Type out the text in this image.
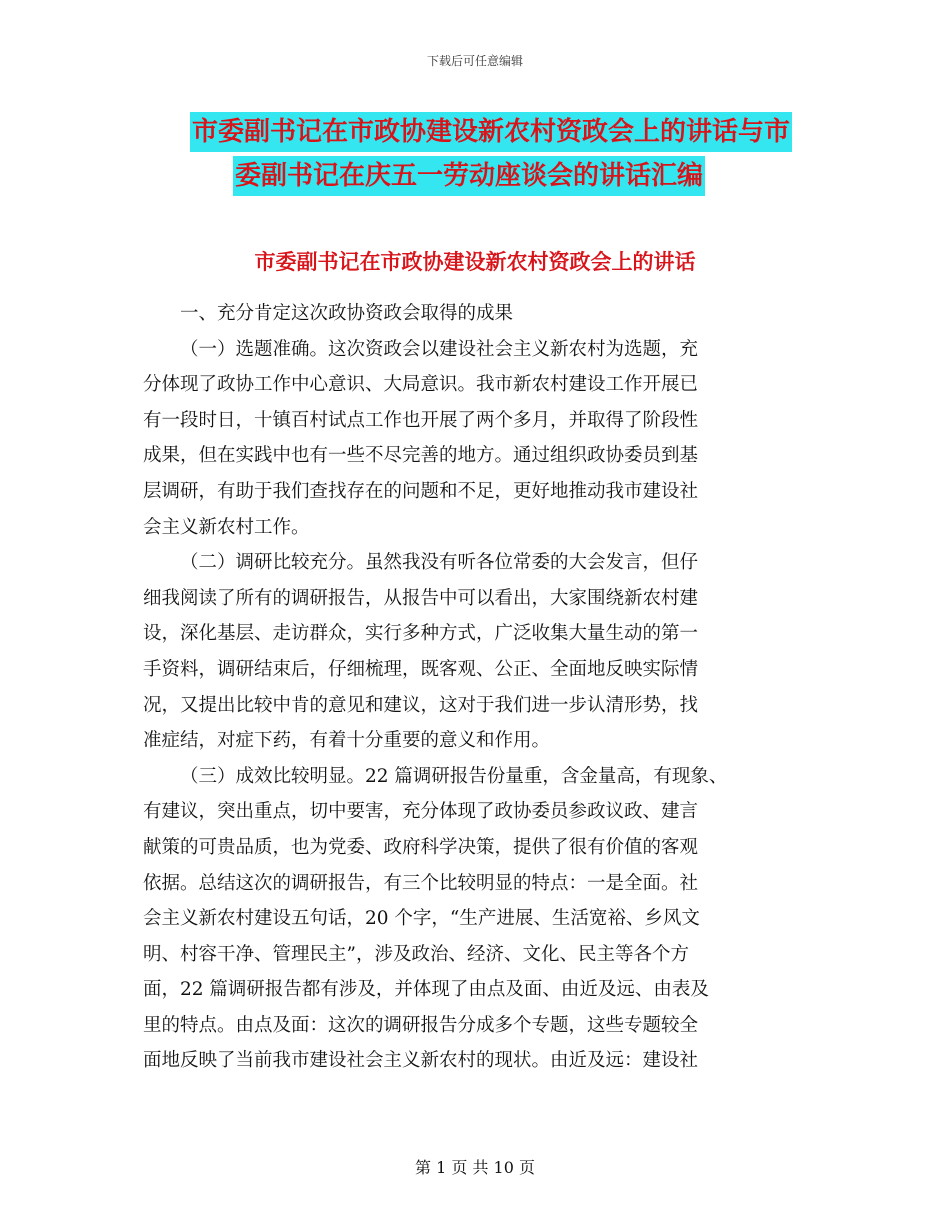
下载后可任意编辑
市委副书记在市政协建设新农村资政会上的讲话与市
委副书记在庆五一劳动座谈会的讲话汇编
市委副书记在市政协建设新农村资政会上的讲话
一、充分肯定这次政协资政会取得的成果
（一）选题准确。这次资政会以建设社会主义新农村为选题，充
分体现了政协工作中心意识、大局意识。我市新农村建设工作开展已
有一段时日，十镇百村试点工作也开展了两个多月，并取得了阶段性
成果，但在实践中也有一些不尽完善的地方。通过组织政协委员到基
层调研，有助于我们查找存在的问题和不足，更好地推动我市建设社
会主义新农村工作。
（二）调研比较充分。虽然我没有听各位常委的大会发言，但仔
细我阅读了所有的调研报告，从报告中可以看出，大家围绕新农村建
设，深化基层、走访群众，实行多种方式，广泛收集大量生动的第一
手资料，调研结束后，仔细梳理，既客观、公正、全面地反映实际情
况，又提出比较中肯的意见和建议，这对于我们进一步认清形势，找
准症结，对症下药，有着十分重要的意义和作用。
（三）成效比较明显。22 篇调研报告份量重，含金量高，有现象、
有建议，突出重点，切中要害，充分体现了政协委员参政议政、建言
献策的可贵品质，也为党委、政府科学决策，提供了很有价值的客观
依据。总结这次的调研报告，有三个比较明显的特点：一是全面。社
会主义新农村建设五句话，20 个字，“生产进展、生活宽裕、乡风文
明、村容干净、管理民主”，涉及政治、经济、文化、民主等各个方
面，22 篇调研报告都有涉及，并体现了由点及面、由近及远、由表及
里的特点。由点及面：这次的调研报告分成多个专题，这些专题较全
面地反映了当前我市建设社会主义新农村的现状。由近及远：建设社
第 1 页 共 10 页
